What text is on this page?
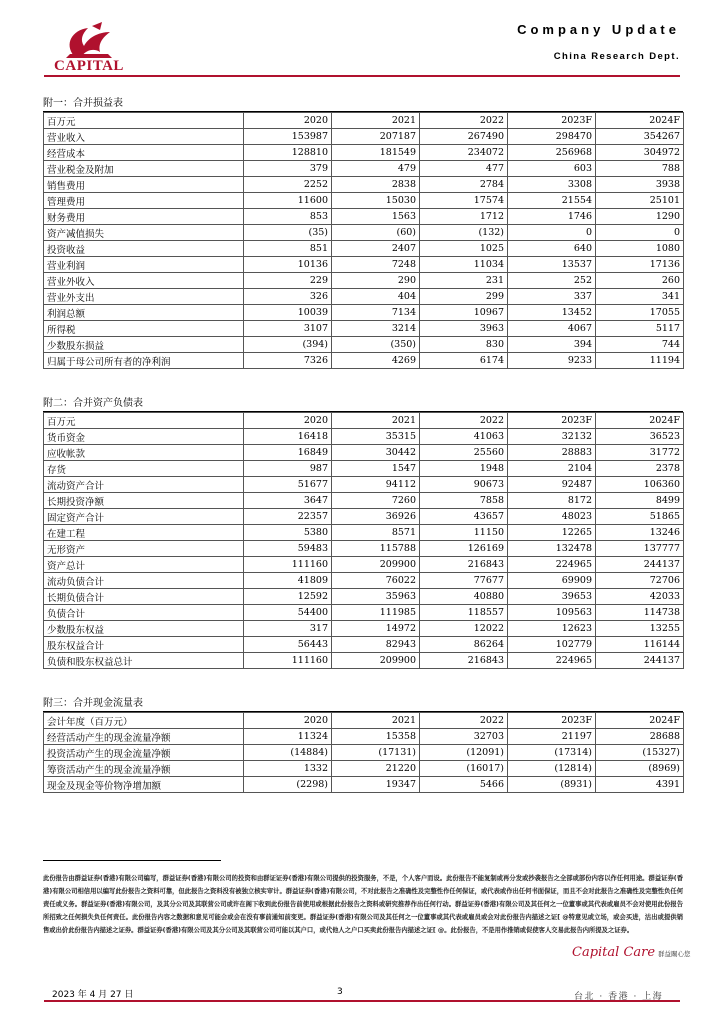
CAPITAL
Company Update
China Research Dept.
附一：合并损益表
百万元	2020	2021	2022	2023F	2024F
营业收入	153987	207187	267490	298470	354267
经营成本	128810	181549	234072	256968	304972
营业税金及附加	379	479	477	603	788
销售费用	2252	2838	2784	3308	3938
管理费用	11600	15030	17574	21554	25101
财务费用	853	1563	1712	1746	1290
资产减值损失	(35)	(60)	(132)	0	0
投资收益	851	2407	1025	640	1080
营业利润	10136	7248	11034	13537	17136
营业外收入	229	290	231	252	260
营业外支出	326	404	299	337	341
利润总额	10039	7134	10967	13452	17055
所得税	3107	3214	3963	4067	5117
少数股东损益	(394)	(350)	830	394	744
归属于母公司所有者的净利润	7326	4269	6174	9233	11194
附二：合并资产负债表
百万元	2020	2021	2022	2023F	2024F
货币资金	16418	35315	41063	32132	36523
应收帐款	16849	30442	25560	28883	31772
存货	987	1547	1948	2104	2378
流动资产合计	51677	94112	90673	92487	106360
长期投资净额	3647	7260	7858	8172	8499
固定资产合计	22357	36926	43657	48023	51865
在建工程	5380	8571	11150	12265	13246
无形资产	59483	115788	126169	132478	137777
资产总计	111160	209900	216843	224965	244137
流动负债合计	41809	76022	77677	69909	72706
长期负债合计	12592	35963	40880	39653	42033
负债合计	54400	111985	118557	109563	114738
少数股东权益	317	14972	12022	12623	13255
股东权益合计	56443	82943	86264	102779	116144
负债和股东权益总计	111160	209900	216843	224965	244137
附三：合并现金流量表
会计年度（百万元）	2020	2021	2022	2023F	2024F
经营活动产生的现金流量净额	11324	15358	32703	21197	28688
投资活动产生的现金流量净额	(14884)	(17131)	(12091)	(17314)	(15327)
筹资活动产生的现金流量净额	1332	21220	(16017)	(12814)	(8969)
现金及现金等价物净增加额	(2298)	19347	5466	(8931)	4391
此份报告由群益证券(香港)有限公司编写，群益证券(香港)有限公司的投资和由群证证券(香港)有限公司提供的投资服务，不是，个人客户而设。此份报告不能复制或再分发或抄袭报告之全部或部份内容以作任何用途。群益证券(香港)有限公司相信用以编写此份报告之资料可靠，但此报告之资料没有被独立核实审计。群益证券(香港)有限公司，不对此报告之准确性及完整性作任何保证，或代表或作出任何书面保证，而且不会对此报告之准确性及完整性负任何责任或义务。群益证券(香港)有限公司，及其分公司及其联营公司或许在阁下收到此份报告前使用或根据此份报告之资料或研究推荐作出任何行动。群益证券(香港)有限公司及其任何之一位董事或其代表或雇员不会对使用此份报告所招致之任何损失负任何责任。此份报告内容之数据和意见可能会或会在没有事前通知前变更。群益证券(香港)有限公司及其任何之一位董事或其代表或雇员或会对此份报告内描述之证[ @特意见或立场，或会买进，沽出或提供销售或出价此份报告内描述之证券。群益证券(香港)有限公司及其分公司及其联营公司可能以其户口，或代他人之户口买卖此份报告内描述之证[ @。此份报告，不是用作推销或促使客人交易此报告内所提及之证券。
Capital Care 群益關心您
2023 年 4 月 27 日	3	台北 · 香港 · 上海
